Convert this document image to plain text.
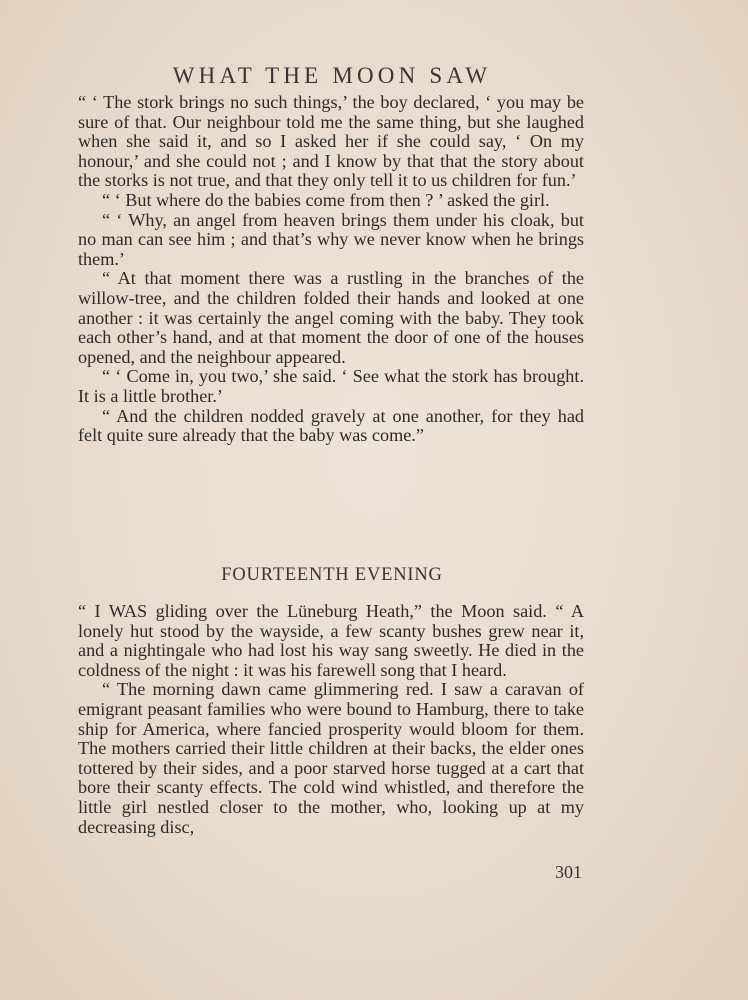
WHAT THE MOON SAW

“ ‘ The stork brings no such things,’ the boy declared, ‘ you may be sure of that. Our neighbour told me the same thing, but she laughed when she said it, and so I asked her if she could say, ‘ On my honour,’ and she could not ; and I know by that that the story about the storks is not true, and that they only tell it to us children for fun.’

“ ‘ But where do the babies come from then ? ’ asked the girl.

“ ‘ Why, an angel from heaven brings them under his cloak, but no man can see him ; and that’s why we never know when he brings them.’

“ At that moment there was a rustling in the branches of the willow-tree, and the children folded their hands and looked at one another : it was certainly the angel coming with the baby. They took each other’s hand, and at that moment the door of one of the houses opened, and the neighbour appeared.

“ ‘ Come in, you two,’ she said. ‘ See what the stork has brought. It is a little brother.’

“ And the children nodded gravely at one another, for they had felt quite sure already that the baby was come.”

FOURTEENTH EVENING

“ I WAS gliding over the Lüneburg Heath,” the Moon said. “ A lonely hut stood by the wayside, a few scanty bushes grew near it, and a nightingale who had lost his way sang sweetly. He died in the coldness of the night : it was his farewell song that I heard.

“ The morning dawn came glimmering red. I saw a caravan of emigrant peasant families who were bound to Hamburg, there to take ship for America, where fancied prosperity would bloom for them. The mothers carried their little children at their backs, the elder ones tottered by their sides, and a poor starved horse tugged at a cart that bore their scanty effects. The cold wind whistled, and therefore the little girl nestled closer to the mother, who, looking up at my decreasing disc,

301
